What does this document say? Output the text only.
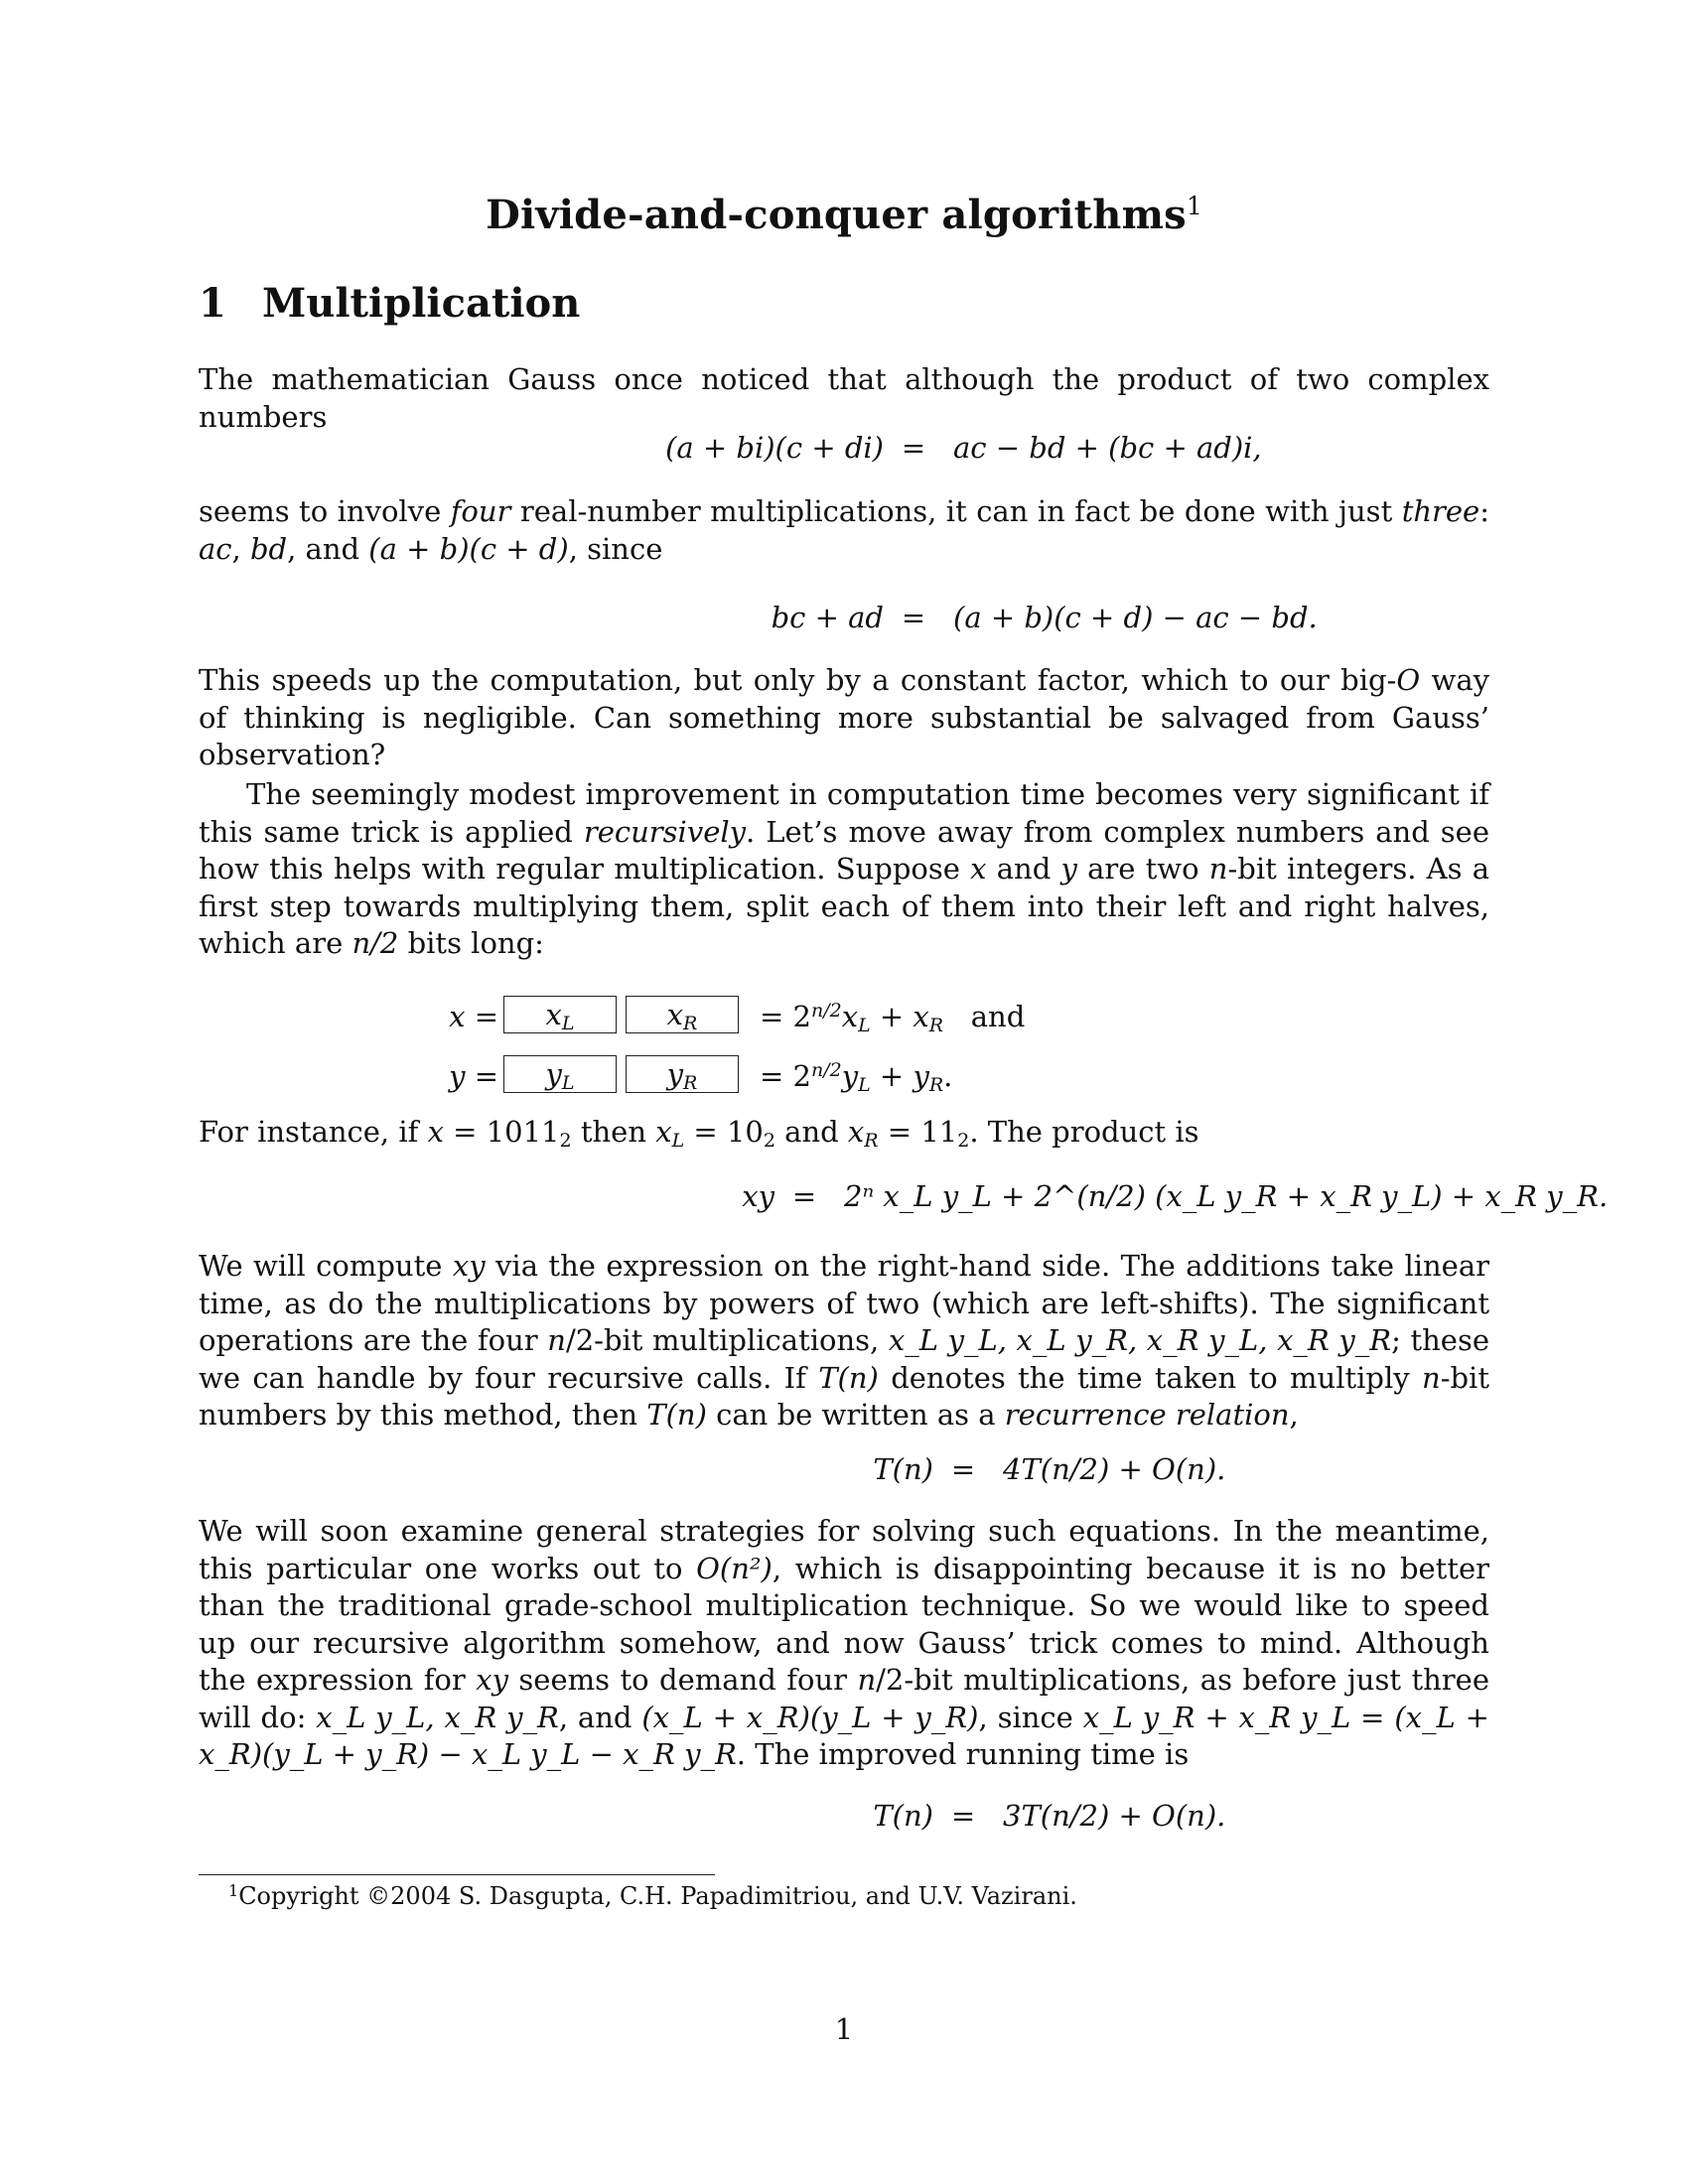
Divide-and-conquer algorithms$^1$
1 Multiplication

The mathematician Gauss once noticed that although the product of two complex numbers

(a + bi)(c + di) = ac − bd + (bc + ad)i,

seems to involve four real-number multiplications, it can in fact be done with just three: ac, bd, and (a + b)(c + d), since

bc + ad = (a + b)(c + d) − ac − bd.

This speeds up the computation, but only by a constant factor, which to our big-O way of thinking is negligible. Can something more substantial be salvaged from Gauss’ observation?

The seemingly modest improvement in computation time becomes very significant if this same trick is applied recursively. Let’s move away from complex numbers and see how this helps with regular multiplication. Suppose x and y are two n-bit integers. As a first step towards multiplying them, split each of them into their left and right halves, which are n/2 bits long:

x =	$x_L$	$x_R$	= $2^{n/2}x_L + x_R$ and
y =	$y_L$	$y_R$	= $2^{n/2}y_L + y_R$.

For instance, if $x = 1011_2$ then $x_L = 10_2$ and $x_R = 11_2$. The product is

xy = 2ⁿ x_L y_L + 2^(n/2) (x_L y_R + x_R y_L) + x_R y_R.

We will compute xy via the expression on the right-hand side. The additions take linear time, as do the multiplications by powers of two (which are left-shifts). The significant operations are the four n/2-bit multiplications, x_L y_L, x_L y_R, x_R y_L, x_R y_R; these we can handle by four recursive calls. If T(n) denotes the time taken to multiply n-bit numbers by this method, then T(n) can be written as a recurrence relation,

T(n) = 4T(n/2) + O(n).

We will soon examine general strategies for solving such equations. In the meantime, this particular one works out to O(n²), which is disappointing because it is no better than the traditional grade-school multiplication technique. So we would like to speed up our recursive algorithm somehow, and now Gauss’ trick comes to mind. Although the expression for xy seems to demand four n/2-bit multiplications, as before just three will do: x_L y_L, x_R y_R, and (x_L + x_R)(y_L + y_R), since x_L y_R + x_R y_L = (x_L + x_R)(y_L + y_R) − x_L y_L − x_R y_R. The improved running time is

T(n) = 3T(n/2) + O(n).
$^1$Copyright ©2004 S. Dasgupta, C.H. Papadimitriou, and U.V. Vazirani.
1
